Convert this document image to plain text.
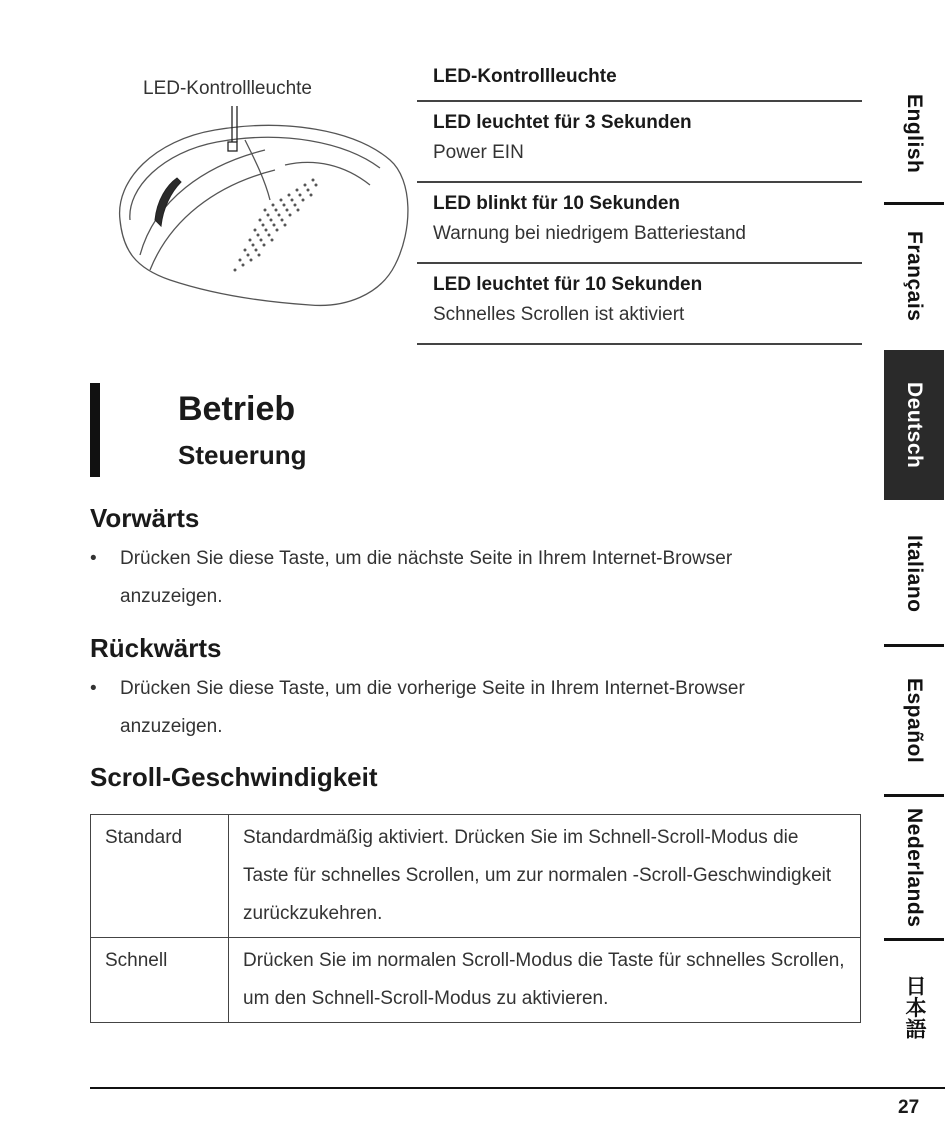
LED-Kontrollleuchte
LED-Kontrollleuchte
LED leuchtet für 3 Sekunden
Power EIN
LED blinkt für 10 Sekunden
Warnung bei niedrigem Batteriestand
LED leuchtet für 10 Sekunden
Schnelles Scrollen ist aktiviert
Betrieb
Steuerung
Vorwärts
•	Drücken Sie diese Taste, um die nächste Seite in Ihrem Internet-Browser anzuzeigen.
Rückwärts
•	Drücken Sie diese Taste, um die vorherige Seite in Ihrem Internet-Browser anzuzeigen.
Scroll-Geschwindigkeit
Standard	Standardmäßig aktiviert. Drücken Sie im Schnell-Scroll-Modus die Taste für schnelles Scrollen, um zur normalen -Scroll-Geschwindigkeit zurückzukehren.
Schnell	Drücken Sie im normalen Scroll-Modus die Taste für schnelles Scrollen, um den Schnell-Scroll-Modus zu aktivieren.
English
Français
Deutsch
Italiano
Español
Nederlands
日本語
27
